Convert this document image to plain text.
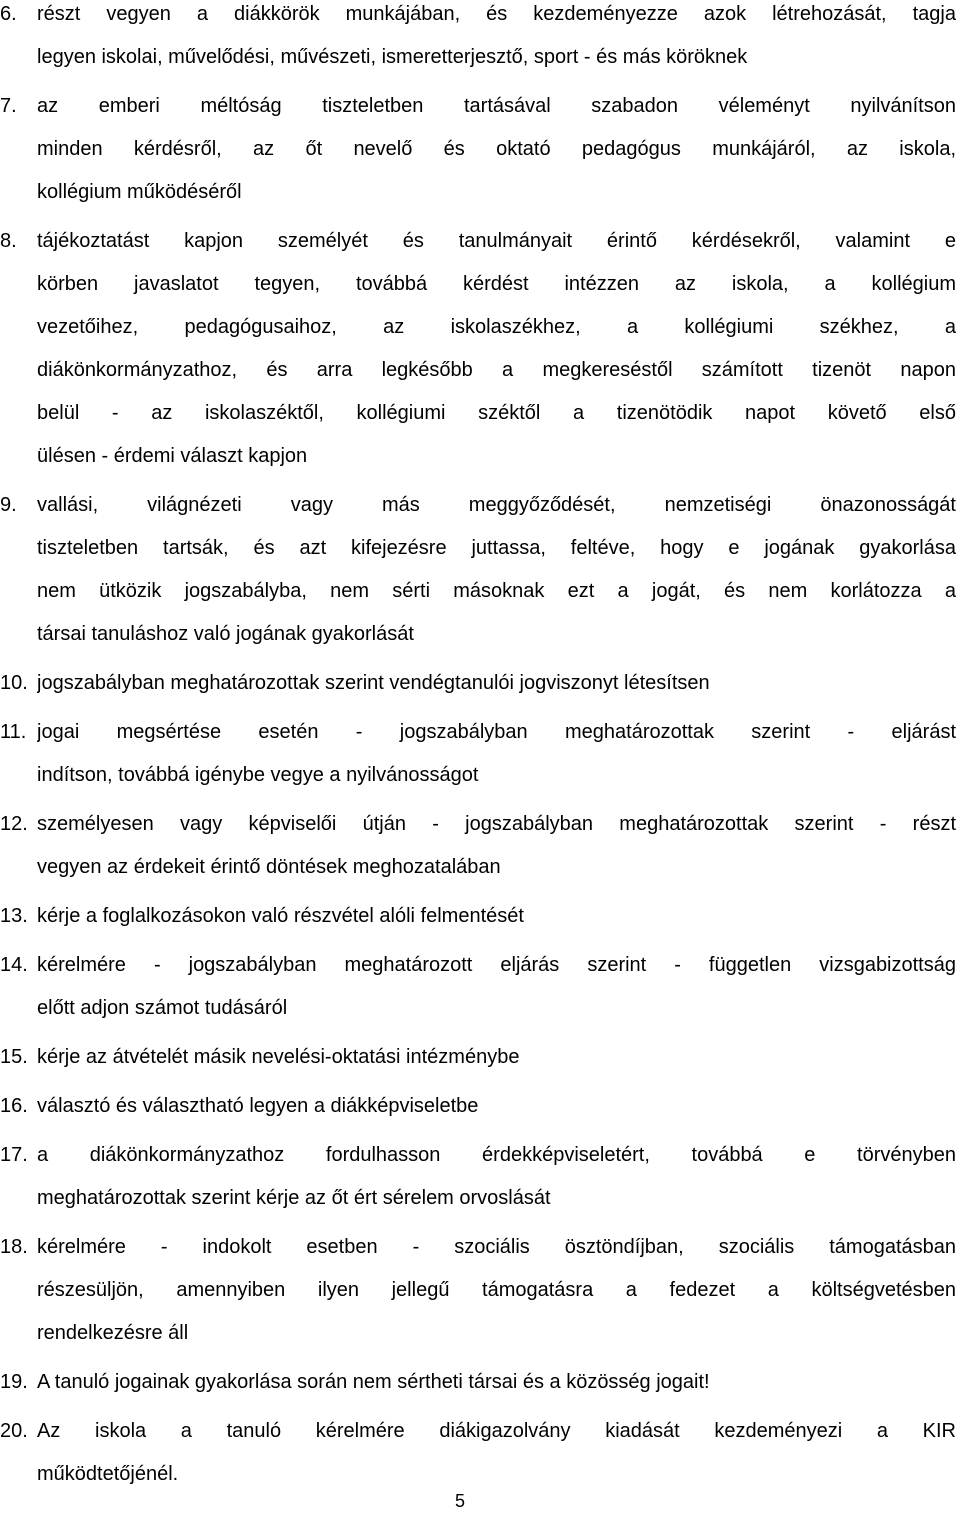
6. részt vegyen a diákkörök munkájában, és kezdeményezze azok létrehozását, tagja
legyen iskolai, művelődési, művészeti, ismeretterjesztő, sport - és más köröknek
7. az emberi méltóság tiszteletben tartásával szabadon véleményt nyilvánítson
minden kérdésről, az őt nevelő és oktató pedagógus munkájáról, az iskola,
kollégium működéséről
8. tájékoztatást kapjon személyét és tanulmányait érintő kérdésekről, valamint e
körben javaslatot tegyen, továbbá kérdést intézzen az iskola, a kollégium
vezetőihez, pedagógusaihoz, az iskolaszékhez, a kollégiumi székhez, a
diákönkormányzathoz, és arra legkésőbb a megkereséstől számított tizenöt napon
belül - az iskolaszéktől, kollégiumi széktől a tizenötödik napot követő első
ülésen - érdemi választ kapjon
9. vallási, világnézeti vagy más meggyőződését, nemzetiségi önazonosságát
tiszteletben tartsák, és azt kifejezésre juttassa, feltéve, hogy e jogának gyakorlása
nem ütközik jogszabályba, nem sérti másoknak ezt a jogát, és nem korlátozza a
társai tanuláshoz való jogának gyakorlását
10. jogszabályban meghatározottak szerint vendégtanulói jogviszonyt létesítsen
11. jogai megsértése esetén - jogszabályban meghatározottak szerint - eljárást
indítson, továbbá igénybe vegye a nyilvánosságot
12. személyesen vagy képviselői útján - jogszabályban meghatározottak szerint - részt
vegyen az érdekeit érintő döntések meghozatalában
13. kérje a foglalkozásokon való részvétel alóli felmentését
14. kérelmére - jogszabályban meghatározott eljárás szerint - független vizsgabizottság
előtt adjon számot tudásáról
15. kérje az átvételét másik nevelési-oktatási intézménybe
16. választó és választható legyen a diákképviseletbe
17. a diákönkormányzathoz fordulhasson érdekképviseletért, továbbá e törvényben
meghatározottak szerint kérje az őt ért sérelem orvoslását
18. kérelmére - indokolt esetben - szociális ösztöndíjban, szociális támogatásban
részesüljön, amennyiben ilyen jellegű támogatásra a fedezet a költségvetésben
rendelkezésre áll
19. A tanuló jogainak gyakorlása során nem sértheti társai és a közösség jogait!
20. Az iskola a tanuló kérelmére diákigazolvány kiadását kezdeményezi a KIR
működtetőjénél.
5
